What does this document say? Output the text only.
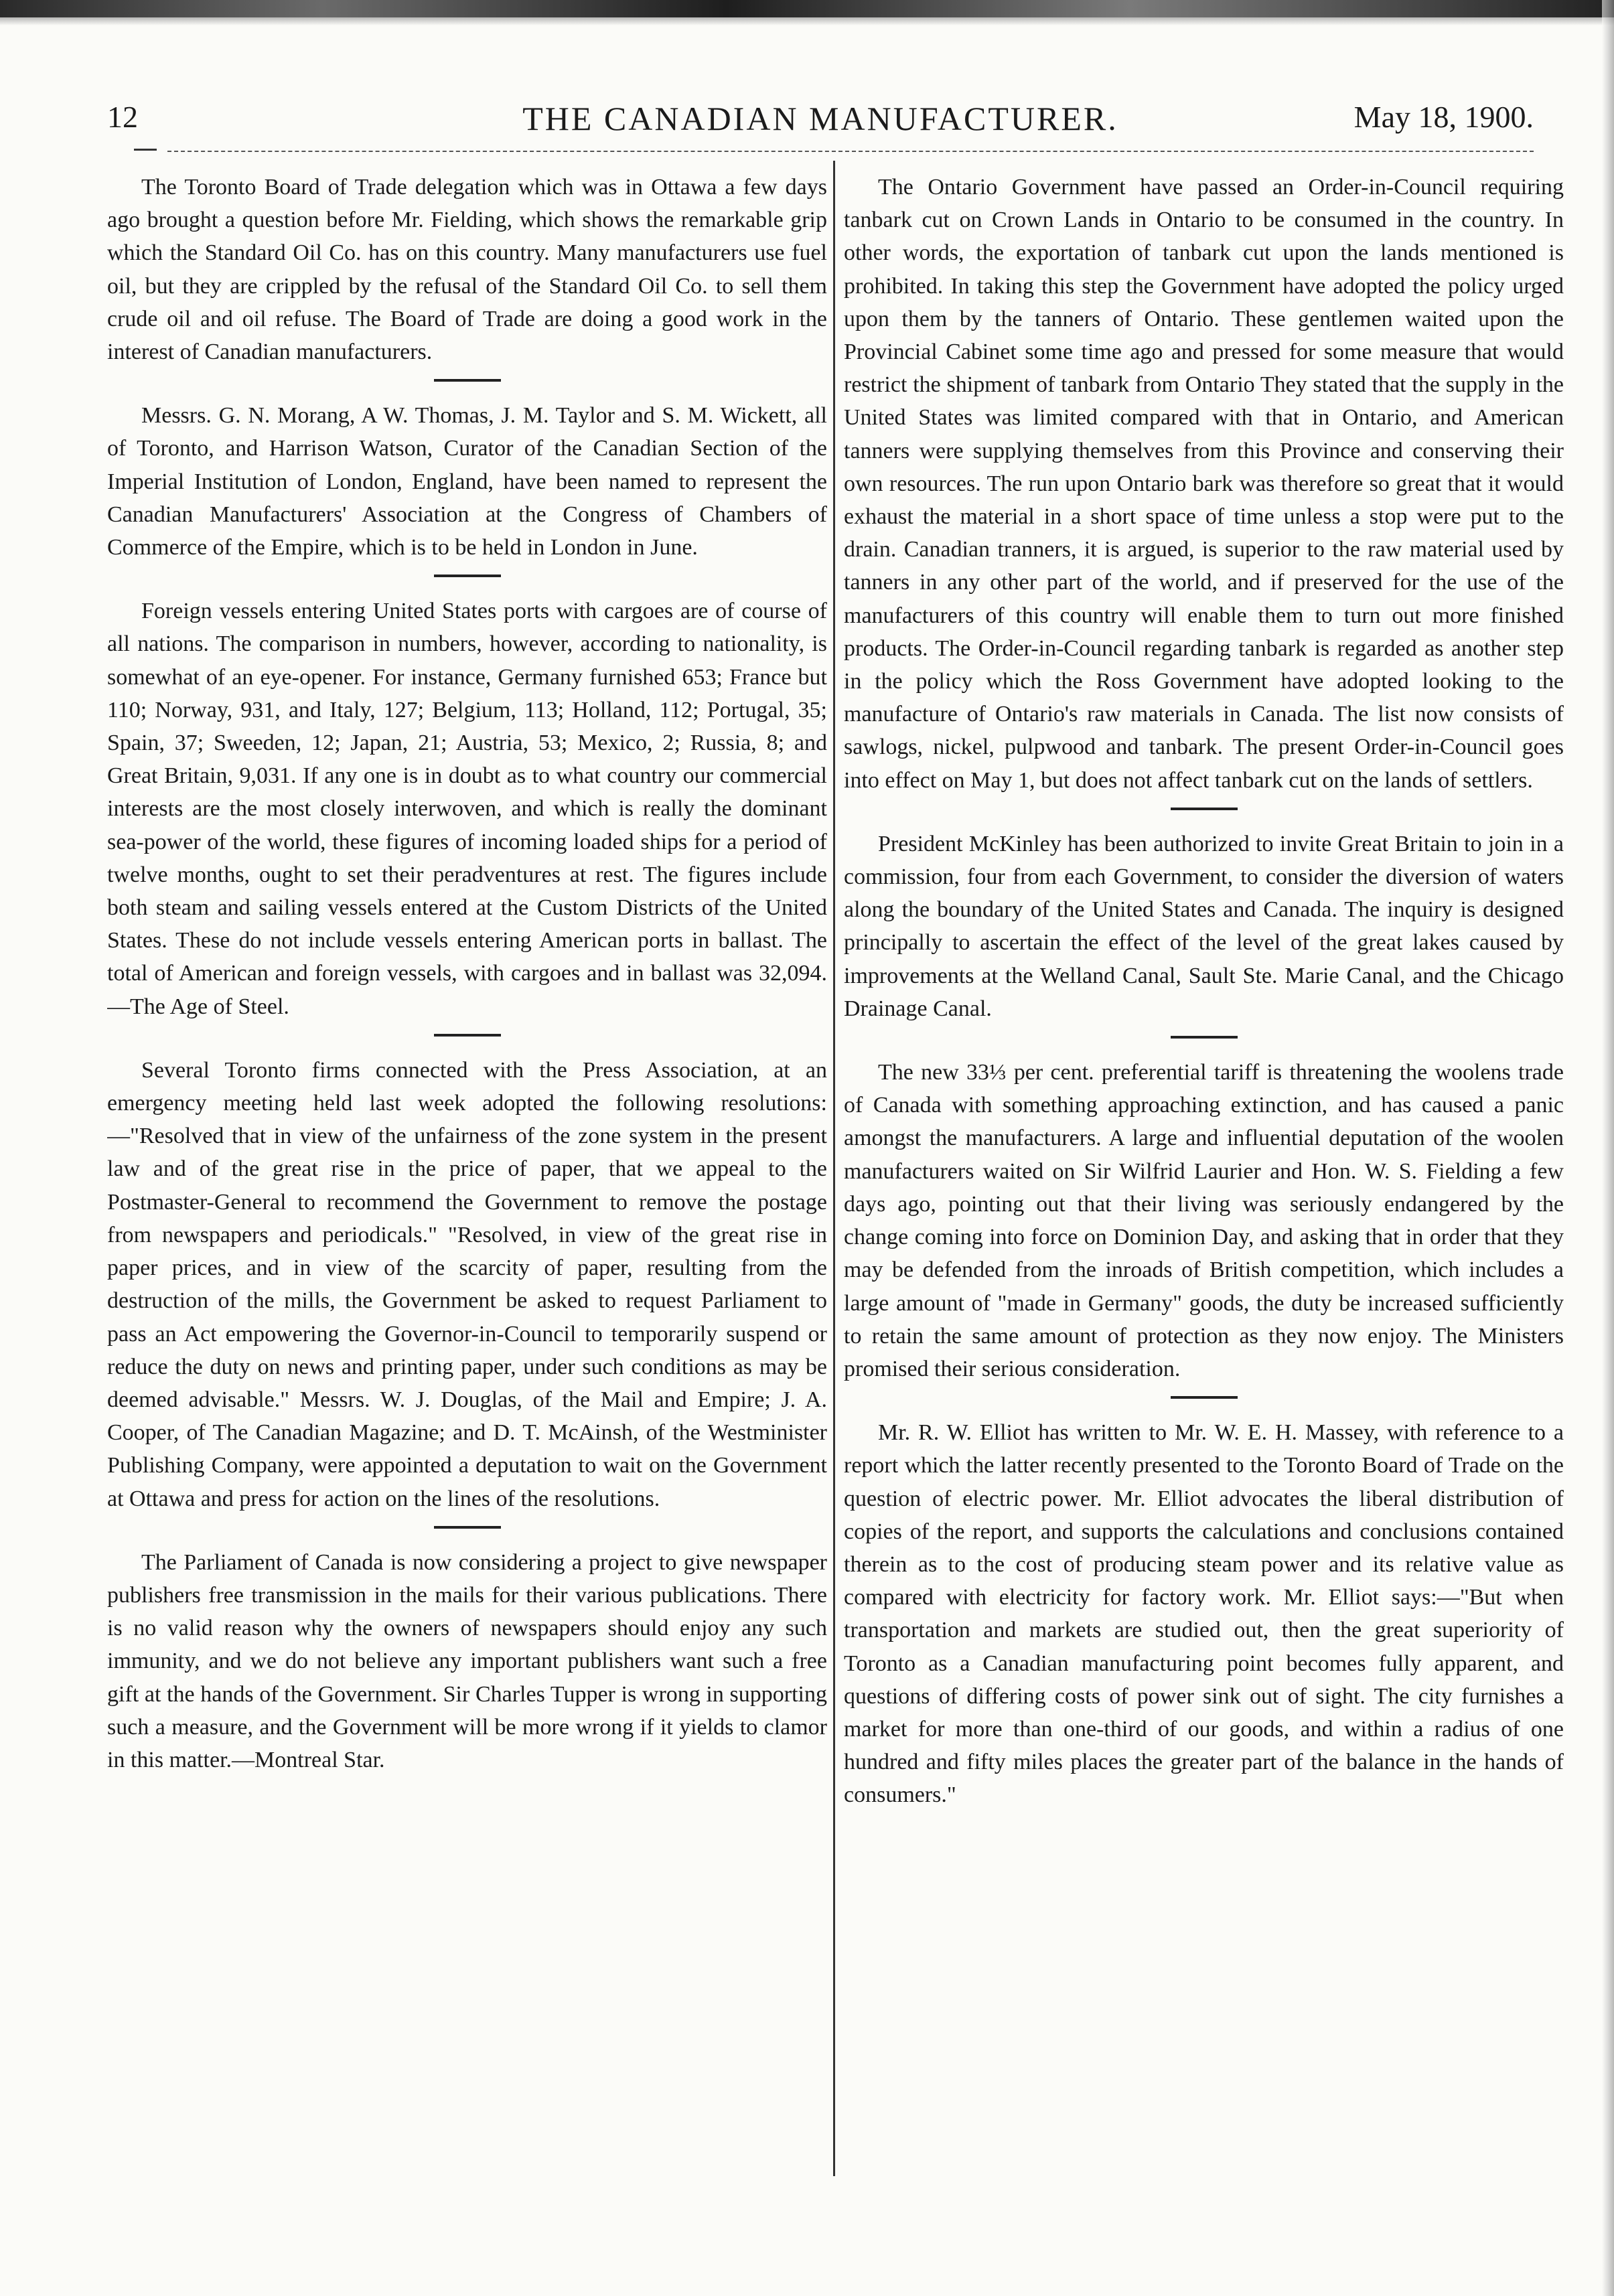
12	THE CANADIAN MANUFACTURER.	May 18, 1900.

The Toronto Board of Trade delegation which was in Ottawa a few days ago brought a question before Mr. Fielding, which shows the remarkable grip which the Standard Oil Co. has on this country. Many manufacturers use fuel oil, but they are crippled by the refusal of the Standard Oil Co. to sell them crude oil and oil refuse. The Board of Trade are doing a good work in the interest of Canadian manufacturers.

Messrs. G. N. Morang, A W. Thomas, J. M. Taylor and S. M. Wickett, all of Toronto, and Harrison Watson, Curator of the Canadian Section of the Imperial Institution of London, England, have been named to represent the Canadian Manufacturers' Association at the Congress of Chambers of Commerce of the Empire, which is to be held in London in June.

Foreign vessels entering United States ports with cargoes are of course of all nations. The comparison in numbers, however, according to nationality, is somewhat of an eye-opener. For instance, Germany furnished 653; France but 110; Norway, 931, and Italy, 127; Belgium, 113; Holland, 112; Portugal, 35; Spain, 37; Sweeden, 12; Japan, 21; Austria, 53; Mexico, 2; Russia, 8; and Great Britain, 9,031. If any one is in doubt as to what country our commercial interests are the most closely interwoven, and which is really the dominant sea-power of the world, these figures of incoming loaded ships for a period of twelve months, ought to set their peradventures at rest. The figures include both steam and sailing vessels entered at the Custom Districts of the United States. These do not include vessels entering American ports in ballast. The total of American and foreign vessels, with cargoes and in ballast was 32,094. —The Age of Steel.

Several Toronto firms connected with the Press Association, at an emergency meeting held last week adopted the following resolutions:—"Resolved that in view of the unfairness of the zone system in the present law and of the great rise in the price of paper, that we appeal to the Postmaster-General to recommend the Government to remove the postage from newspapers and periodicals." "Resolved, in view of the great rise in paper prices, and in view of the scarcity of paper, resulting from the destruction of the mills, the Government be asked to request Parliament to pass an Act empowering the Governor-in-Council to temporarily suspend or reduce the duty on news and printing paper, under such conditions as may be deemed advisable." Messrs. W. J. Douglas, of the Mail and Empire; J. A. Cooper, of The Canadian Magazine; and D. T. McAinsh, of the Westminister Publishing Company, were appointed a deputation to wait on the Government at Ottawa and press for action on the lines of the resolutions.

The Parliament of Canada is now considering a project to give newspaper publishers free transmission in the mails for their various publications. There is no valid reason why the owners of newspapers should enjoy any such immunity, and we do not believe any important publishers want such a free gift at the hands of the Government. Sir Charles Tupper is wrong in supporting such a measure, and the Government will be more wrong if it yields to clamor in this matter.—Montreal Star.

The Ontario Government have passed an Order-in-Council requiring tanbark cut on Crown Lands in Ontario to be consumed in the country. In other words, the exportation of tanbark cut upon the lands mentioned is prohibited. In taking this step the Government have adopted the policy urged upon them by the tanners of Ontario. These gentlemen waited upon the Provincial Cabinet some time ago and pressed for some measure that would restrict the shipment of tanbark from Ontario They stated that the supply in the United States was limited compared with that in Ontario, and American tanners were supplying themselves from this Province and conserving their own resources. The run upon Ontario bark was therefore so great that it would exhaust the material in a short space of time unless a stop were put to the drain. Canadian tranners, it is argued, is superior to the raw material used by tanners in any other part of the world, and if preserved for the use of the manufacturers of this country will enable them to turn out more finished products. The Order-in-Council regarding tanbark is regarded as another step in the policy which the Ross Government have adopted looking to the manufacture of Ontario's raw materials in Canada. The list now consists of sawlogs, nickel, pulpwood and tanbark. The present Order-in-Council goes into effect on May 1, but does not affect tanbark cut on the lands of settlers.

President McKinley has been authorized to invite Great Britain to join in a commission, four from each Government, to consider the diversion of waters along the boundary of the United States and Canada. The inquiry is designed principally to ascertain the effect of the level of the great lakes caused by improvements at the Welland Canal, Sault Ste. Marie Canal, and the Chicago Drainage Canal.

The new 33⅓ per cent. preferential tariff is threatening the woolens trade of Canada with something approaching extinction, and has caused a panic amongst the manufacturers. A large and influential deputation of the woolen manufacturers waited on Sir Wilfrid Laurier and Hon. W. S. Fielding a few days ago, pointing out that their living was seriously endangered by the change coming into force on Dominion Day, and asking that in order that they may be defended from the inroads of British competition, which includes a large amount of "made in Germany" goods, the duty be increased sufficiently to retain the same amount of protection as they now enjoy. The Ministers promised their serious consideration.

Mr. R. W. Elliot has written to Mr. W. E. H. Massey, with reference to a report which the latter recently presented to the Toronto Board of Trade on the question of electric power. Mr. Elliot advocates the liberal distribution of copies of the report, and supports the calculations and conclusions contained therein as to the cost of producing steam power and its relative value as compared with electricity for factory work. Mr. Elliot says:—"But when transportation and markets are studied out, then the great superiority of Toronto as a Canadian manufacturing point becomes fully apparent, and questions of differing costs of power sink out of sight. The city furnishes a market for more than one-third of our goods, and within a radius of one hundred and fifty miles places the greater part of the balance in the hands of consumers."
